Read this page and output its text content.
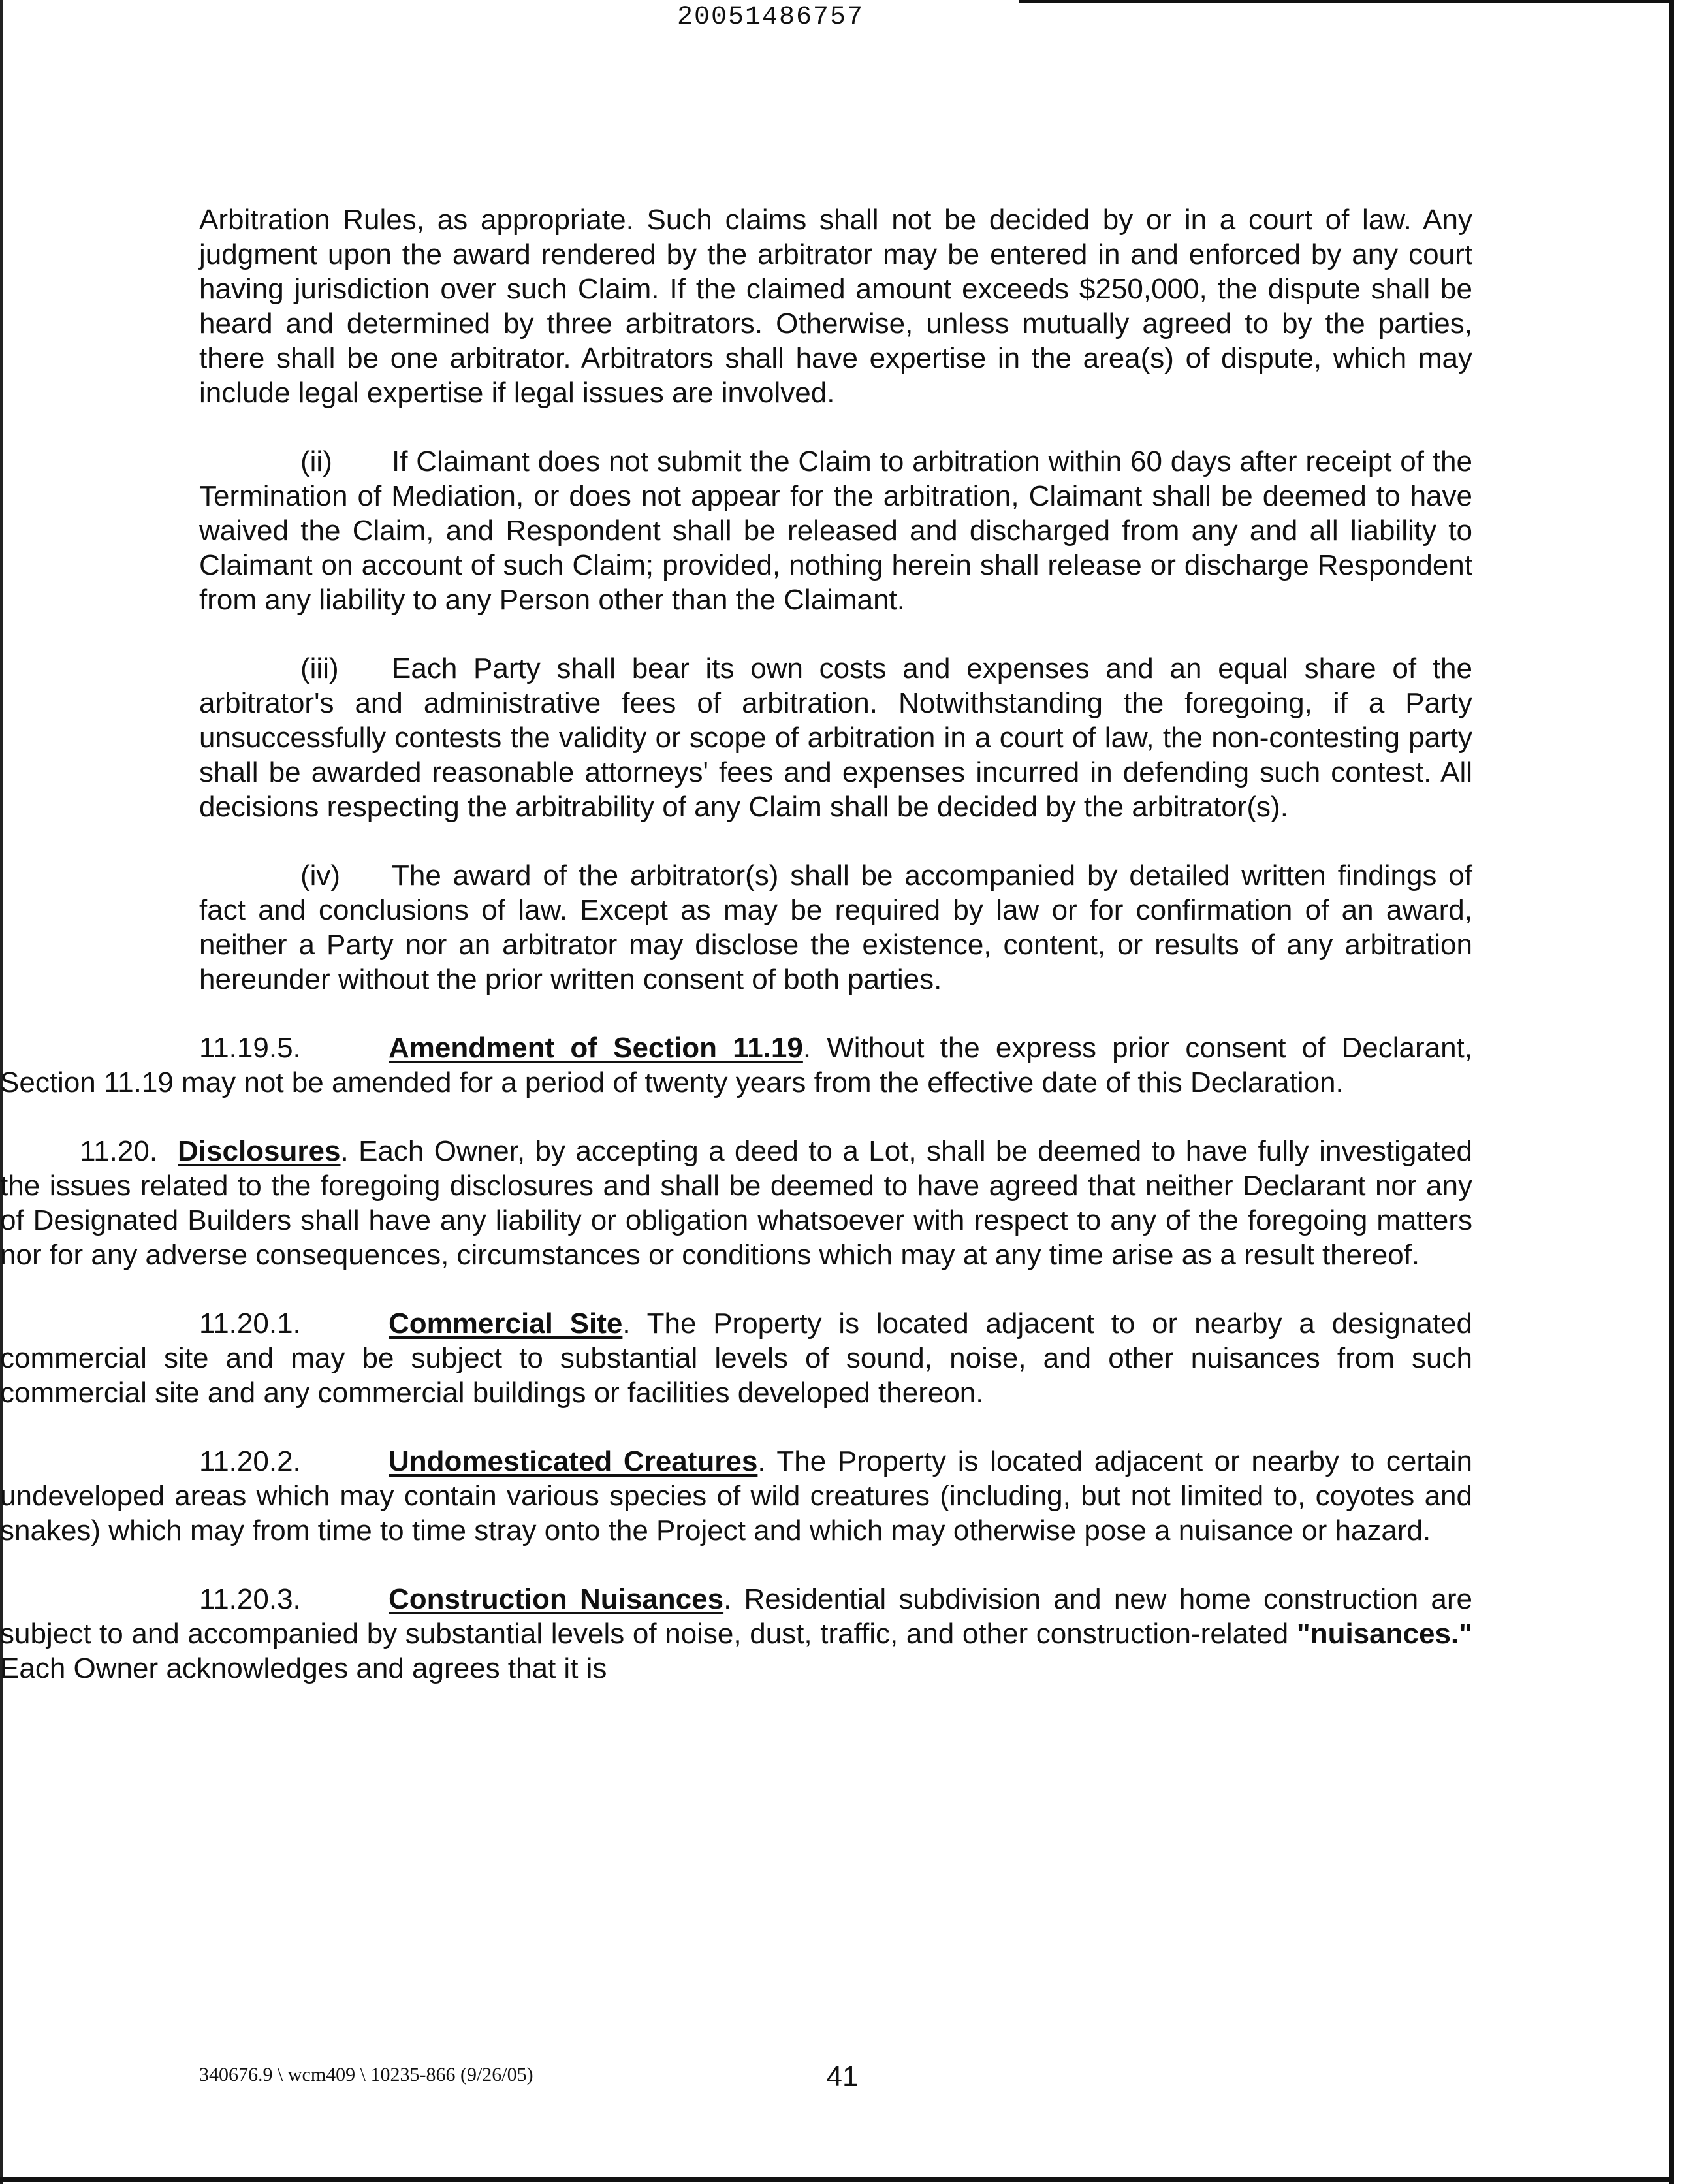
20051486757

Arbitration Rules, as appropriate. Such claims shall not be decided by or in a court of law. Any judgment upon the award rendered by the arbitrator may be entered in and enforced by any court having jurisdiction over such Claim. If the claimed amount exceeds $250,000, the dispute shall be heard and determined by three arbitrators. Otherwise, unless mutually agreed to by the parties, there shall be one arbitrator. Arbitrators shall have expertise in the area(s) of dispute, which may include legal expertise if legal issues are involved.

(ii) If Claimant does not submit the Claim to arbitration within 60 days after receipt of the Termination of Mediation, or does not appear for the arbitration, Claimant shall be deemed to have waived the Claim, and Respondent shall be released and discharged from any and all liability to Claimant on account of such Claim; provided, nothing herein shall release or discharge Respondent from any liability to any Person other than the Claimant.

(iii) Each Party shall bear its own costs and expenses and an equal share of the arbitrator's and administrative fees of arbitration. Notwithstanding the foregoing, if a Party unsuccessfully contests the validity or scope of arbitration in a court of law, the non-contesting party shall be awarded reasonable attorneys' fees and expenses incurred in defending such contest. All decisions respecting the arbitrability of any Claim shall be decided by the arbitrator(s).

(iv) The award of the arbitrator(s) shall be accompanied by detailed written findings of fact and conclusions of law. Except as may be required by law or for confirmation of an award, neither a Party nor an arbitrator may disclose the existence, content, or results of any arbitration hereunder without the prior written consent of both parties.

11.19.5.	Amendment of Section 11.19. Without the express prior consent of Declarant, Section 11.19 may not be amended for a period of twenty years from the effective date of this Declaration.

11.20. Disclosures. Each Owner, by accepting a deed to a Lot, shall be deemed to have fully investigated the issues related to the foregoing disclosures and shall be deemed to have agreed that neither Declarant nor any of Designated Builders shall have any liability or obligation whatsoever with respect to any of the foregoing matters nor for any adverse consequences, circumstances or conditions which may at any time arise as a result thereof.

11.20.1.	Commercial Site. The Property is located adjacent to or nearby a designated commercial site and may be subject to substantial levels of sound, noise, and other nuisances from such commercial site and any commercial buildings or facilities developed thereon.

11.20.2.	Undomesticated Creatures. The Property is located adjacent or nearby to certain undeveloped areas which may contain various species of wild creatures (including, but not limited to, coyotes and snakes) which may from time to time stray onto the Project and which may otherwise pose a nuisance or hazard.

11.20.3.	Construction Nuisances. Residential subdivision and new home construction are subject to and accompanied by substantial levels of noise, dust, traffic, and other construction-related "nuisances." Each Owner acknowledges and agrees that it is

340676.9 \ wcm409 \ 10235-866 (9/26/05)	41
